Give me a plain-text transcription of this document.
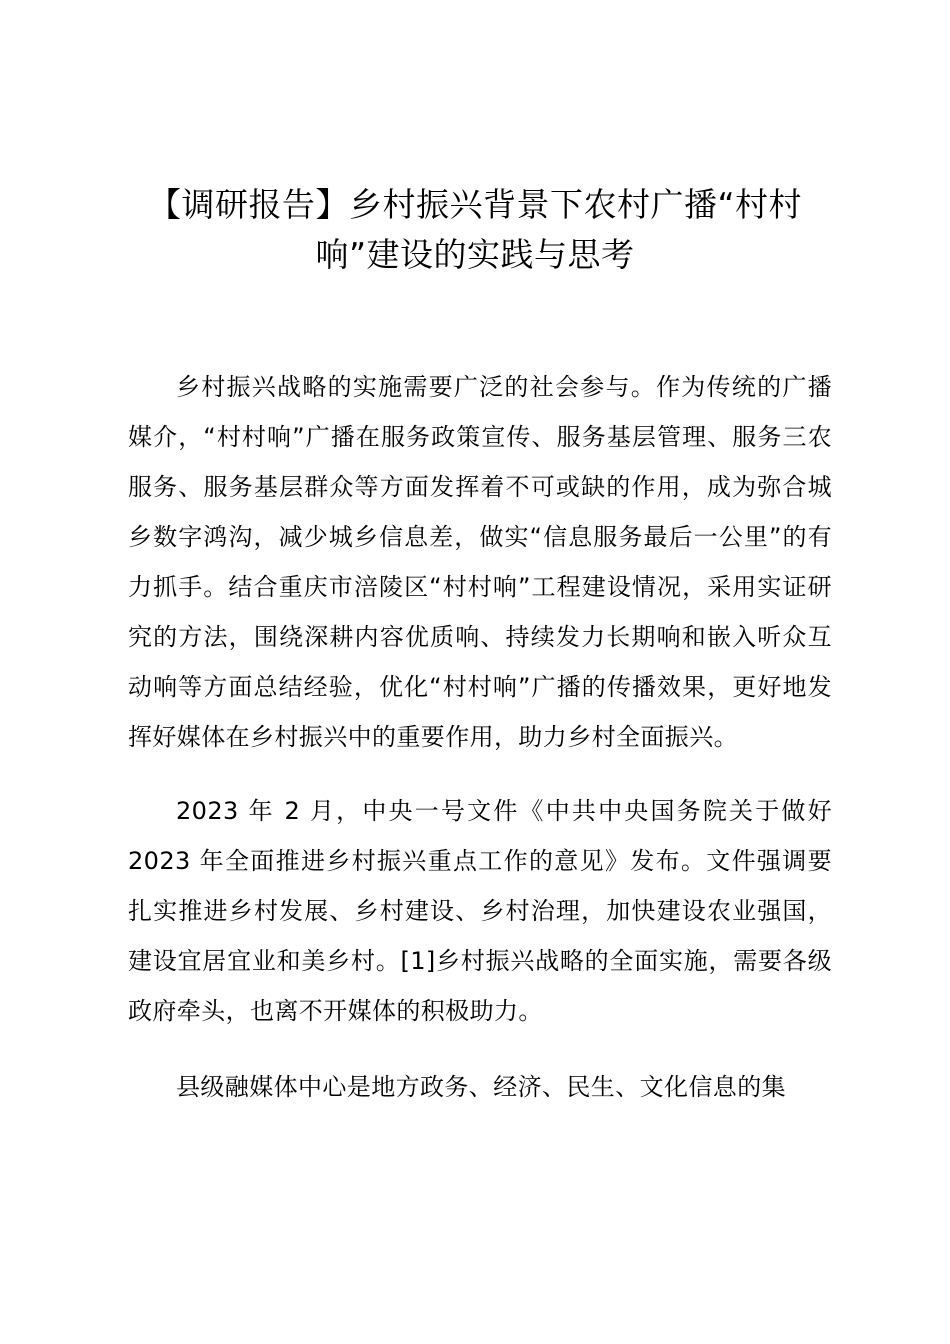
【调研报告】乡村振兴背景下农村广播“村村响”建设的实践与思考

乡村振兴战略的实施需要广泛的社会参与。作为传统的广播媒介，“村村响”广播在服务政策宣传、服务基层管理、服务三农服务、服务基层群众等方面发挥着不可或缺的作用，成为弥合城乡数字鸿沟，减少城乡信息差，做实“信息服务最后一公里”的有力抓手。结合重庆市涪陵区“村村响”工程建设情况，采用实证研究的方法，围绕深耕内容优质响、持续发力长期响和嵌入听众互动响等方面总结经验，优化“村村响”广播的传播效果，更好地发挥好媒体在乡村振兴中的重要作用，助力乡村全面振兴。

2023 年 2 月，中央一号文件《中共中央国务院关于做好 2023 年全面推进乡村振兴重点工作的意见》发布。文件强调要扎实推进乡村发展、乡村建设、乡村治理，加快建设农业强国，建设宜居宜业和美乡村。[1]乡村振兴战略的全面实施，需要各级政府牵头，也离不开媒体的积极助力。

县级融媒体中心是地方政务、经济、民生、文化信息的集
